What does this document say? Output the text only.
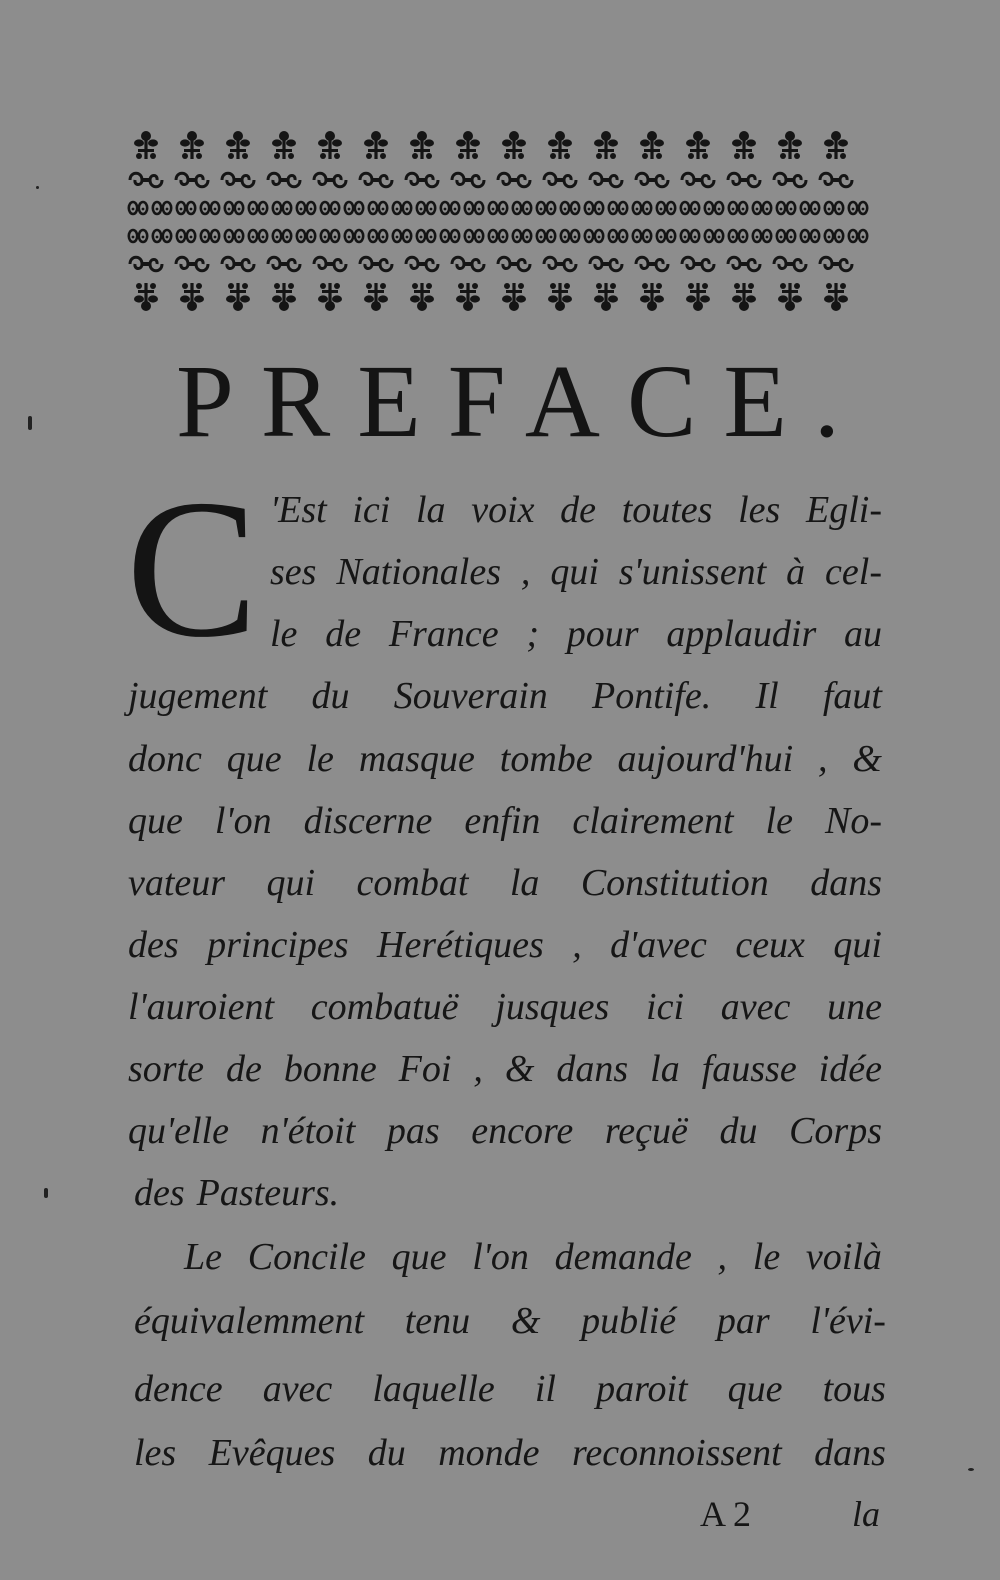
PREFACE.
C 'Est ici la voix de toutes les Egli-
ses Nationales , qui s'unissent à cel-
le de France ; pour applaudir au
jugement du Souverain Pontife. Il faut
donc que le masque tombe aujourd'hui , &
que l'on discerne enfin clairement le No-
vateur qui combat la Constitution dans
des principes Herétiques , d'avec ceux qui
l'auroient combatuë jusques ici avec une
sorte de bonne Foi , & dans la fausse idée
qu'elle n'étoit pas encore reçuë du Corps
des Pasteurs.
Le Concile que l'on demande , le voilà
équivalemment tenu & publié par l'évi-
dence avec laquelle il paroit que tous
les Evêques du monde reconnoissent dans
A 2	la
